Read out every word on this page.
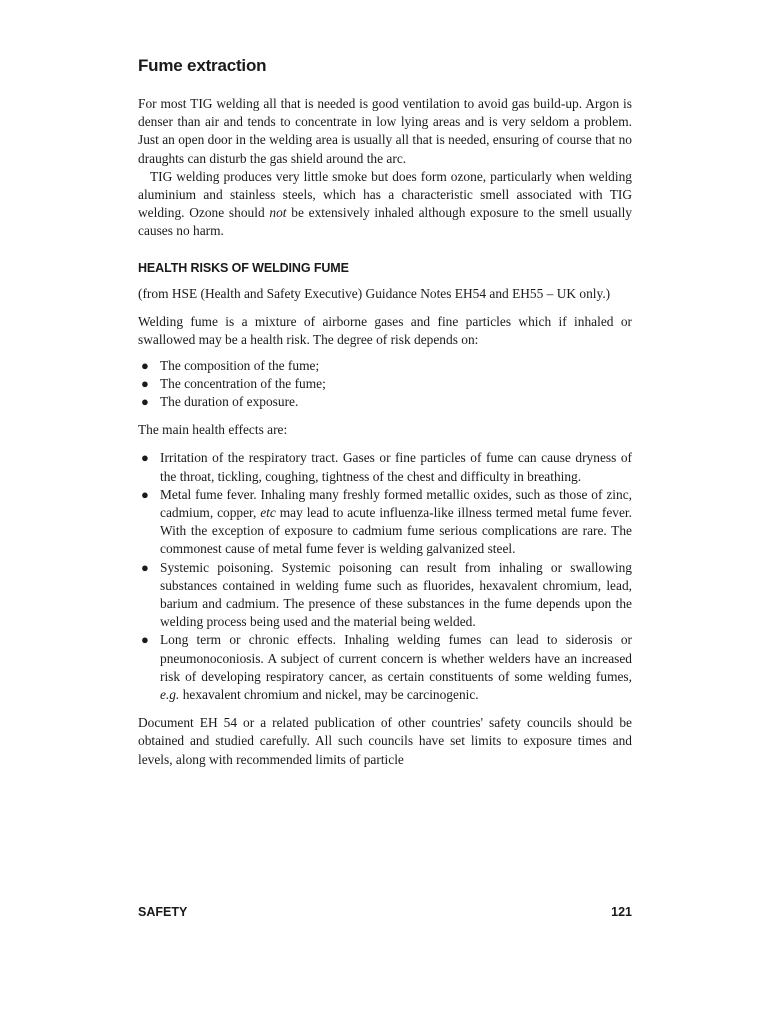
Fume extraction

For most TIG welding all that is needed is good ventilation to avoid gas build-up. Argon is denser than air and tends to concentrate in low lying areas and is very seldom a problem. Just an open door in the welding area is usually all that is needed, ensuring of course that no draughts can disturb the gas shield around the arc.

TIG welding produces very little smoke but does form ozone, particularly when welding aluminium and stainless steels, which has a characteristic smell associated with TIG welding. Ozone should not be extensively inhaled although exposure to the smell usually causes no harm.

HEALTH RISKS OF WELDING FUME

(from HSE (Health and Safety Executive) Guidance Notes EH54 and EH55 – UK only.)

Welding fume is a mixture of airborne gases and fine particles which if inhaled or swallowed may be a health risk. The degree of risk depends on:

● The composition of the fume;
● The concentration of the fume;
● The duration of exposure.

The main health effects are:

● Irritation of the respiratory tract. Gases or fine particles of fume can cause dryness of the throat, tickling, coughing, tightness of the chest and difficulty in breathing.
● Metal fume fever. Inhaling many freshly formed metallic oxides, such as those of zinc, cadmium, copper, etc may lead to acute influenza-like illness termed metal fume fever. With the exception of exposure to cadmium fume serious complications are rare. The commonest cause of metal fume fever is welding galvanized steel.
● Systemic poisoning. Systemic poisoning can result from inhaling or swallowing substances contained in welding fume such as fluorides, hexavalent chromium, lead, barium and cadmium. The presence of these substances in the fume depends upon the welding process being used and the material being welded.
● Long term or chronic effects. Inhaling welding fumes can lead to siderosis or pneumonoconiosis. A subject of current concern is whether welders have an increased risk of developing respiratory cancer, as certain constituents of some welding fumes, e.g. hexavalent chromium and nickel, may be carcinogenic.

Document EH 54 or a related publication of other countries' safety councils should be obtained and studied carefully. All such councils have set limits to exposure times and levels, along with recommended limits of particle

SAFETY	121
